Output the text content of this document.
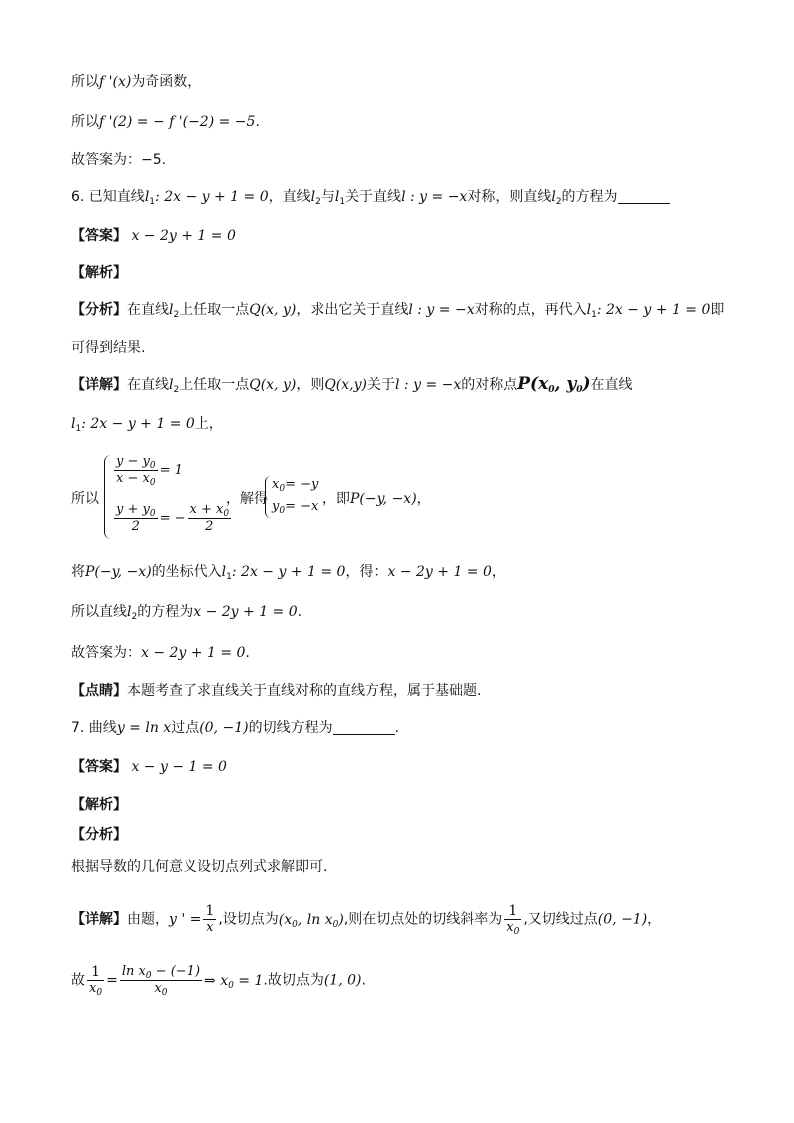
所以f '(x)为奇函数，
所以f '(2) = − f '(−2) = −5.
故答案为：−5.
6. 已知直线$l_1$: 2x − y + 1 = 0，直线$l_2$与$l_1$关于直线l : y = −x对称，则直线$l_2$的方程为
【答案】 x − 2y + 1 = 0
【解析】
【分析】在直线$l_2$上任取一点Q(x, y)，求出它关于直线l : y = −x对称的点，再代入$l_1$: 2x − y + 1 = 0即
可得到结果.
【详解】在直线$l_2$上任取一点Q(x, y)，则Q(x,y)关于l : y = −x的对称点$P(x_0$, $y_0$)在直线
$l_1$: 2x − y + 1 = 0上，
所以
$\frac{y - y_0}{x - x_0} = 1$
$\frac{y + y_0}{2}$ = − $\frac{x + x_0}{2}$
，解得
$x_0= -y$
$y_0= -x$ ，即P(−y, −x)，
将P(−y, −x)的坐标代入$l_1$: 2x − y + 1 = 0，得：x − 2y + 1 = 0，
所以直线$l_2$的方程为x − 2y + 1 = 0.
故答案为：x − 2y + 1 = 0.
【点睛】本题考查了求直线关于直线对称的直线方程，属于基础题.
7. 曲线y = ln x过点(0, −1)的切线方程为	.
【答案】 x − y − 1 = 0
【解析】
【分析】
根据导数的几何意义设切点列式求解即可.
【详解】由题，y ' = $\frac{1}{x}$ ,设切点为($x_0$, $\ln x_0$),则在切点处的切线斜率为 $\frac{1}{x_0}$ ,又切线过点(0, −1)，
故 $\frac{1}{x_0} = \frac{\ln x_0 - (-1)}{x_0}$ ⇒ $x_0 = 1$.故切点为(1, 0).
